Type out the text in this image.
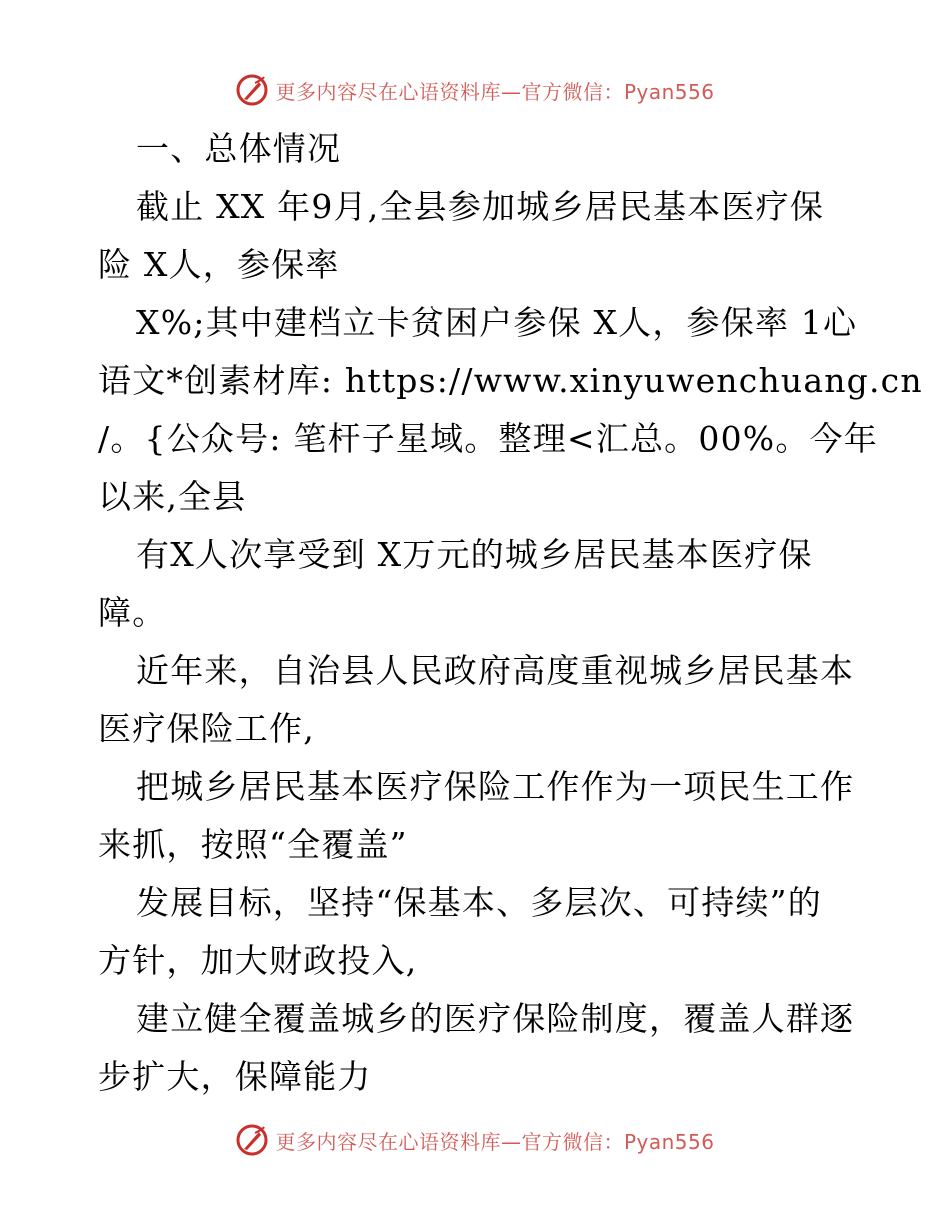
更多内容尽在心语资料库—官方微信：Pyan556
一、总体情况
截止 XX 年9月,全县参加城乡居民基本医疗保
险 X人，参保率
X%;其中建档立卡贫困户参保 X人，参保率 1心
语文*创素材库: https://www.xinyuwenchuang.cn
/。{公众号: 笔杆子星域。整理<汇总。00%。今年
以来,全县
有X人次享受到 X万元的城乡居民基本医疗保
障。
近年来，自治县人民政府高度重视城乡居民基本
医疗保险工作,
把城乡居民基本医疗保险工作作为一项民生工作
来抓，按照“全覆盖”
发展目标，坚持“保基本、多层次、可持续”的
方针，加大财政投入,
建立健全覆盖城乡的医疗保险制度，覆盖人群逐
步扩大，保障能力
更多内容尽在心语资料库—官方微信：Pyan556
